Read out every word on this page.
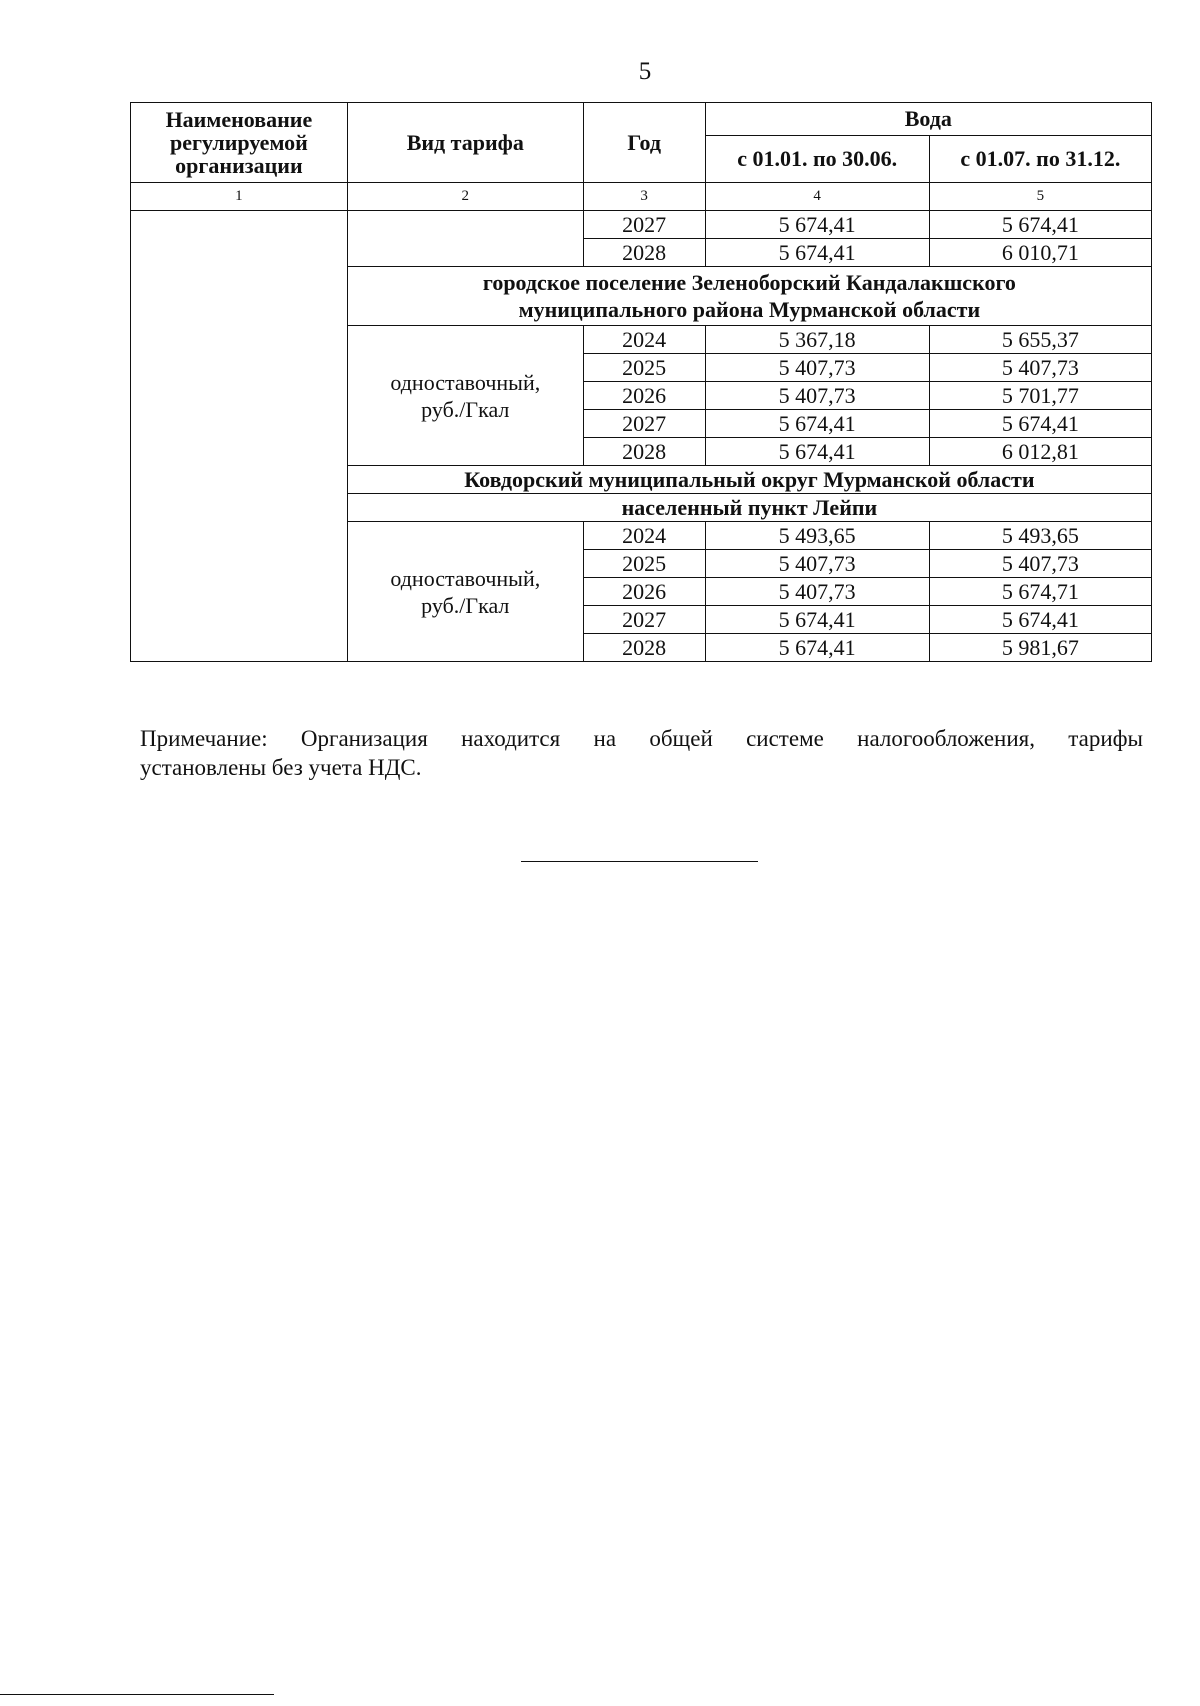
5
Наименование регулируемой организации	Вид тарифа	Год	Вода	
			с 01.01. по 30.06.	с 01.07. по 31.12.
1	2	3	4	5
		2027	5 674,41	5 674,41
		2028	5 674,41	6 010,71
	городское поселение Зеленоборский Кандалакшского муниципального района Мурманской области			
	одноставочный, руб./Гкал	2024	5 367,18	5 655,37
		2025	5 407,73	5 407,73
		2026	5 407,73	5 701,77
		2027	5 674,41	5 674,41
		2028	5 674,41	6 012,81
	Ковдорский муниципальный округ Мурманской области			
	населенный пункт Лейпи			
	одноставочный, руб./Гкал	2024	5 493,65	5 493,65
		2025	5 407,73	5 407,73
		2026	5 407,73	5 674,71
		2027	5 674,41	5 674,41
		2028	5 674,41	5 981,67
Примечание: Организация находится на общей системе налогообложения, тарифы
установлены без учета НДС.
